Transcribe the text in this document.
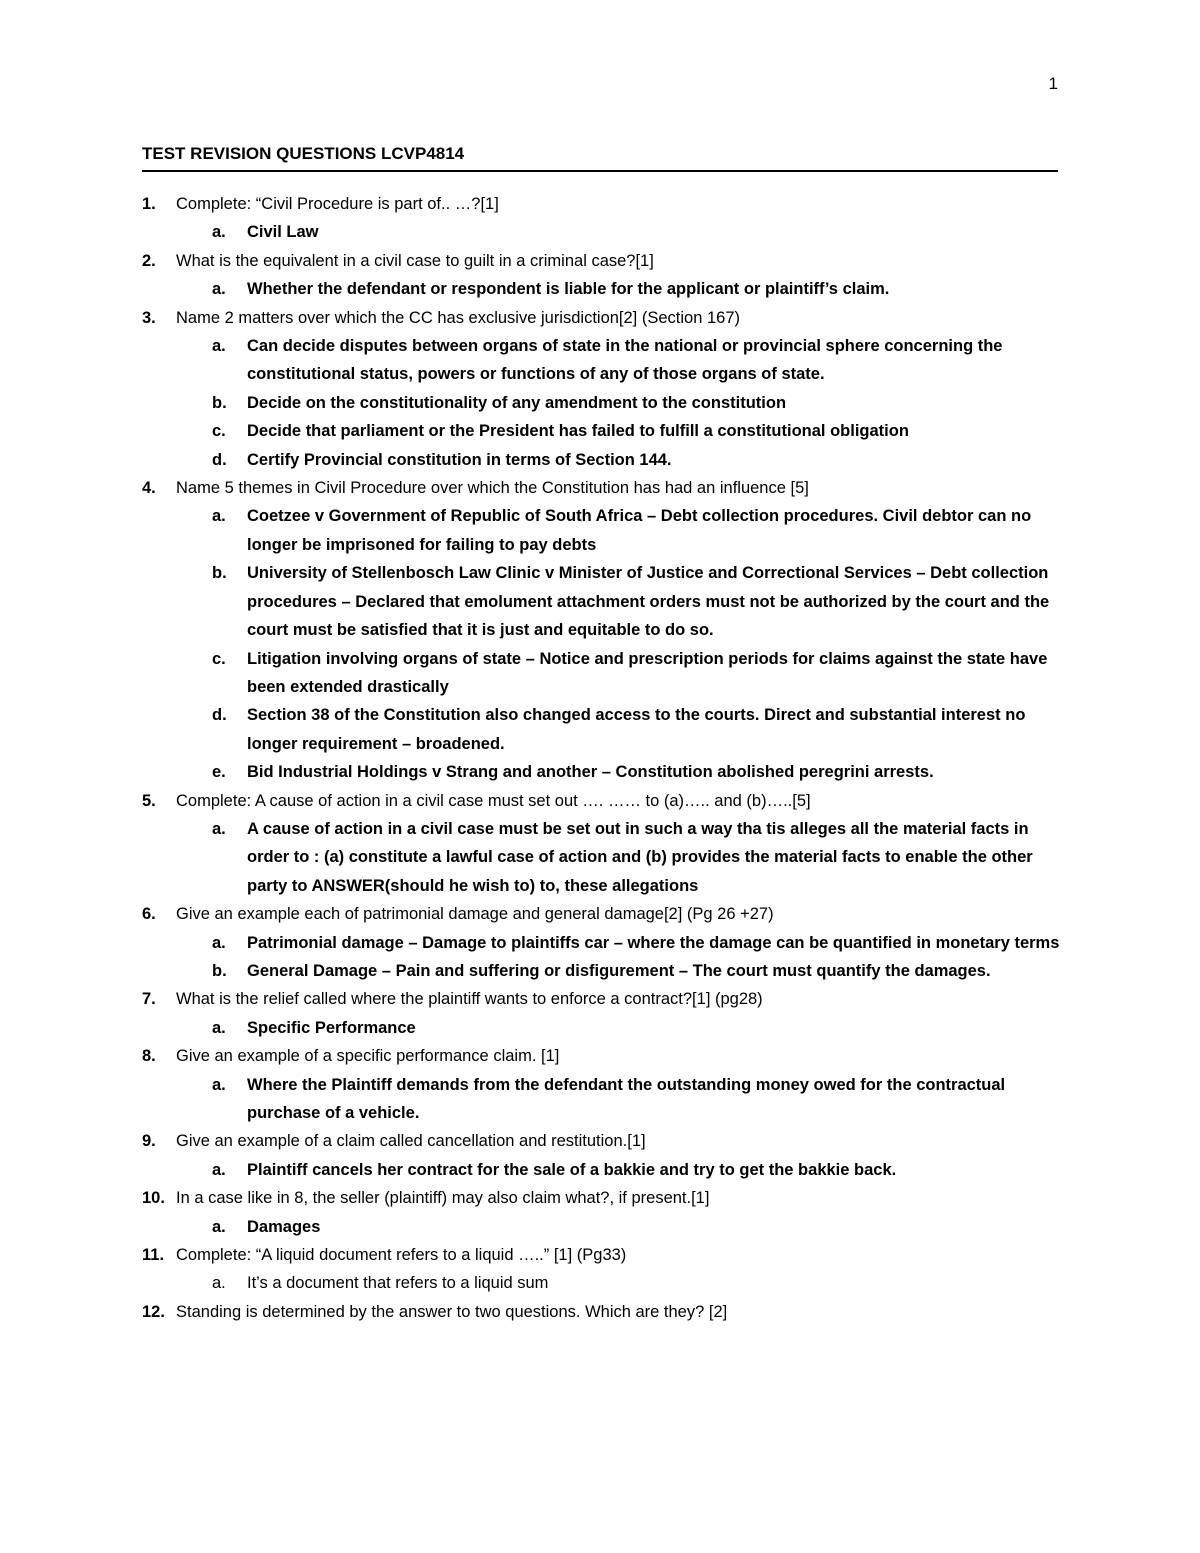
1
TEST REVISION QUESTIONS LCVP4814
1.	Complete: “Civil Procedure is part of.. …?[1]
a.	Civil Law
2.	What is the equivalent in a civil case to guilt in a criminal case?[1]
a.	Whether the defendant or respondent is liable for the applicant or plaintiff’s claim.
3.	Name 2 matters over which the CC has exclusive jurisdiction[2] (Section 167)
a.	Can decide disputes between organs of state in the national or provincial sphere concerning the constitutional status, powers or functions of any of those organs of state.
b.	Decide on the constitutionality of any amendment to the constitution
c.	Decide that parliament or the President has failed to fulfill a constitutional obligation
d.	Certify Provincial constitution in terms of Section 144.
4.	Name 5 themes in Civil Procedure over which the Constitution has had an influence [5]
a.	Coetzee v Government of Republic of South Africa – Debt collection procedures. Civil debtor can no longer be imprisoned for failing to pay debts
b.	University of Stellenbosch Law Clinic v Minister of Justice and Correctional Services – Debt collection procedures – Declared that emolument attachment orders must not be authorized by the court and the court must be satisfied that it is just and equitable to do so.
c.	Litigation involving organs of state – Notice and prescription periods for claims against the state have been extended drastically
d.	Section 38 of the Constitution also changed access to the courts. Direct and substantial interest no longer requirement – broadened.
e.	Bid Industrial Holdings v Strang and another – Constitution abolished peregrini arrests.
5.	Complete: A cause of action in a civil case must set out …. …… to (a)….. and (b)…..[5]
a.	A cause of action in a civil case must be set out in such a way tha tis alleges all the material facts in order to : (a) constitute a lawful case of action and (b) provides the material facts to enable the other party to ANSWER(should he wish to) to, these allegations
6.	Give an example each of patrimonial damage and general damage[2] (Pg 26 +27)
a.	Patrimonial damage – Damage to plaintiffs car – where the damage can be quantified in monetary terms
b.	General Damage – Pain and suffering or disfigurement – The court must quantify the damages.
7.	What is the relief called where the plaintiff wants to enforce a contract?[1] (pg28)
a.	Specific Performance
8.	Give an example of a specific performance claim. [1]
a.	Where the Plaintiff demands from the defendant the outstanding money owed for the contractual purchase of a vehicle.
9.	Give an example of a claim called cancellation and restitution.[1]
a.	Plaintiff cancels her contract for the sale of a bakkie and try to get the bakkie back.
10. In a case like in 8, the seller (plaintiff) may also claim what?, if present.[1]
a.	Damages
11. Complete: “A liquid document refers to a liquid …..” [1] (Pg33)
a.	It’s a document that refers to a liquid sum
12. Standing is determined by the answer to two questions. Which are they? [2]
